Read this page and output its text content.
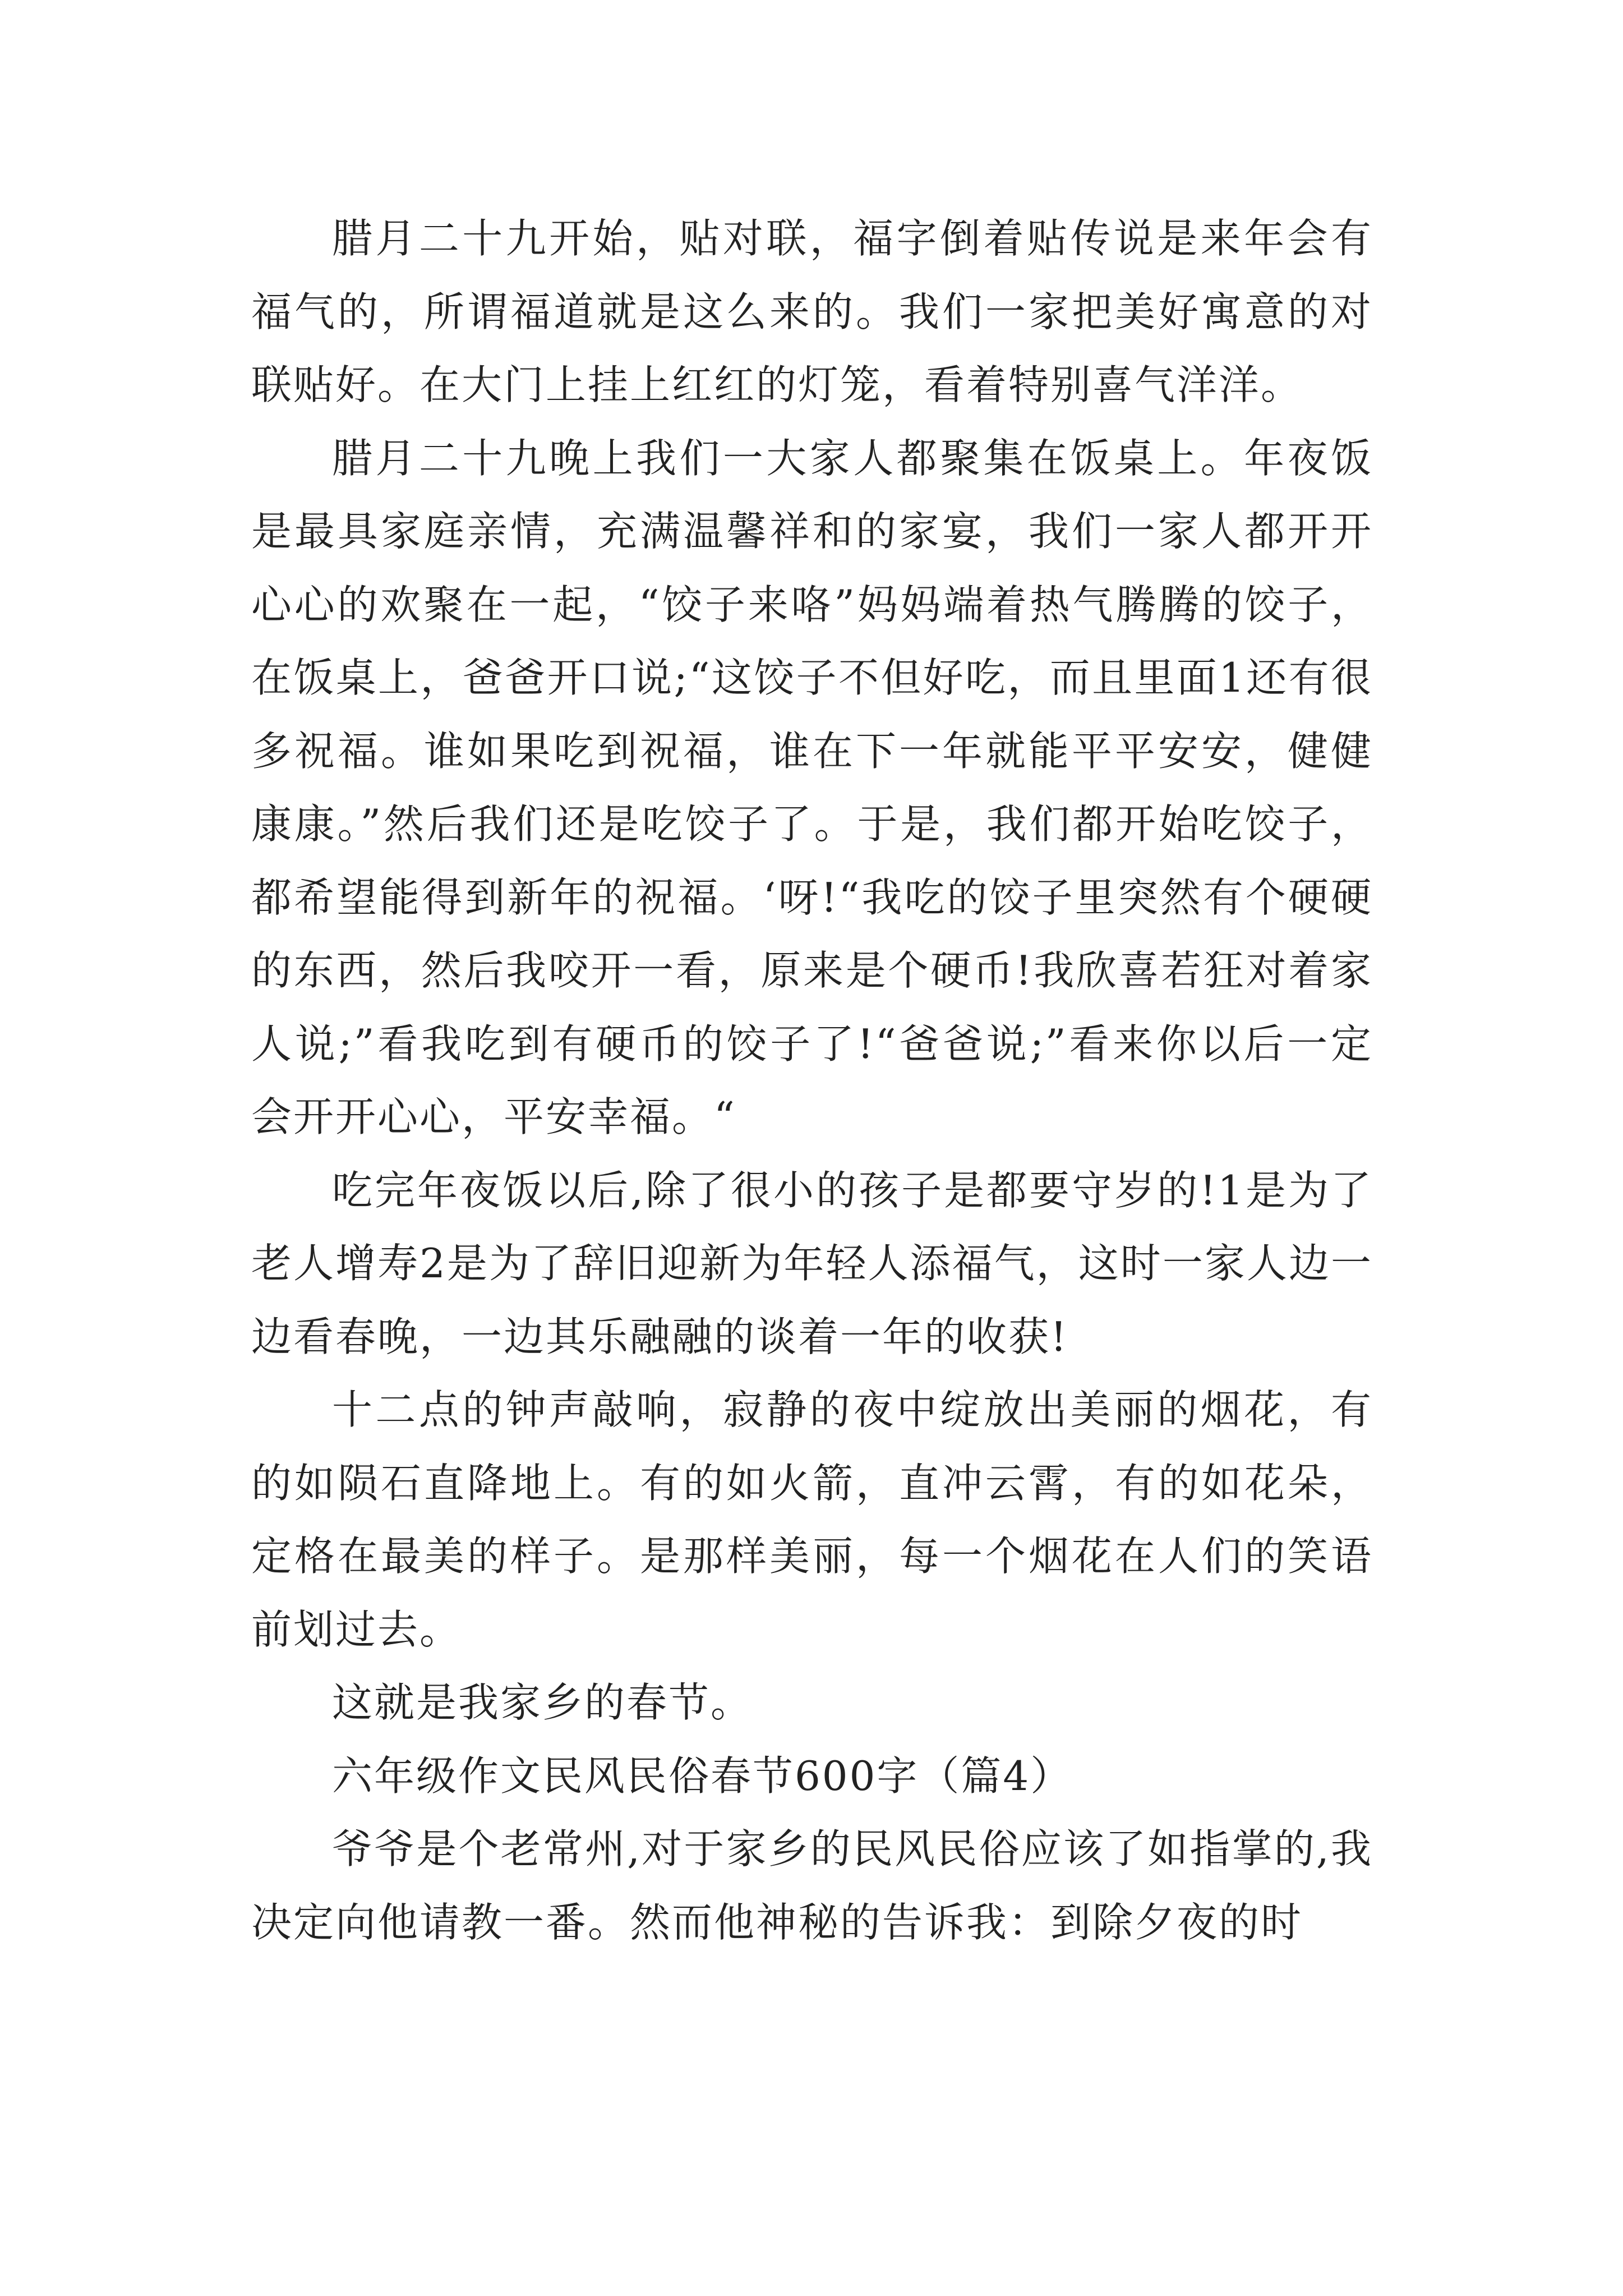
腊月二十九开始，贴对联，福字倒着贴传说是来年会有福气的，所谓福道就是这么来的。我们一家把美好寓意的对联贴好。在大门上挂上红红的灯笼，看着特别喜气洋洋。

腊月二十九晚上我们一大家人都聚集在饭桌上。年夜饭是最具家庭亲情，充满温馨祥和的家宴，我们一家人都开开心心的欢聚在一起，“饺子来咯”妈妈端着热气腾腾的饺子，在饭桌上，爸爸开口说;“这饺子不但好吃，而且里面1还有很多祝福。谁如果吃到祝福，谁在下一年就能平平安安，健健康康。”然后我们还是吃饺子了。于是，我们都开始吃饺子，都希望能得到新年的祝福。‘呀!“我吃的饺子里突然有个硬硬的东西，然后我咬开一看，原来是个硬币!我欣喜若狂对着家人说;”看我吃到有硬币的饺子了!“爸爸说;”看来你以后一定会开开心心，平安幸福。“

吃完年夜饭以后,除了很小的孩子是都要守岁的!1是为了老人增寿2是为了辞旧迎新为年轻人添福气，这时一家人边一边看春晚，一边其乐融融的谈着一年的收获!

十二点的钟声敲响，寂静的夜中绽放出美丽的烟花，有的如陨石直降地上。有的如火箭，直冲云霄，有的如花朵，定格在最美的样子。是那样美丽，每一个烟花在人们的笑语前划过去。

这就是我家乡的春节。

六年级作文民风民俗春节600字（篇4）

爷爷是个老常州,对于家乡的民风民俗应该了如指掌的,我决定向他请教一番。然而他神秘的告诉我：到除夕夜的时
